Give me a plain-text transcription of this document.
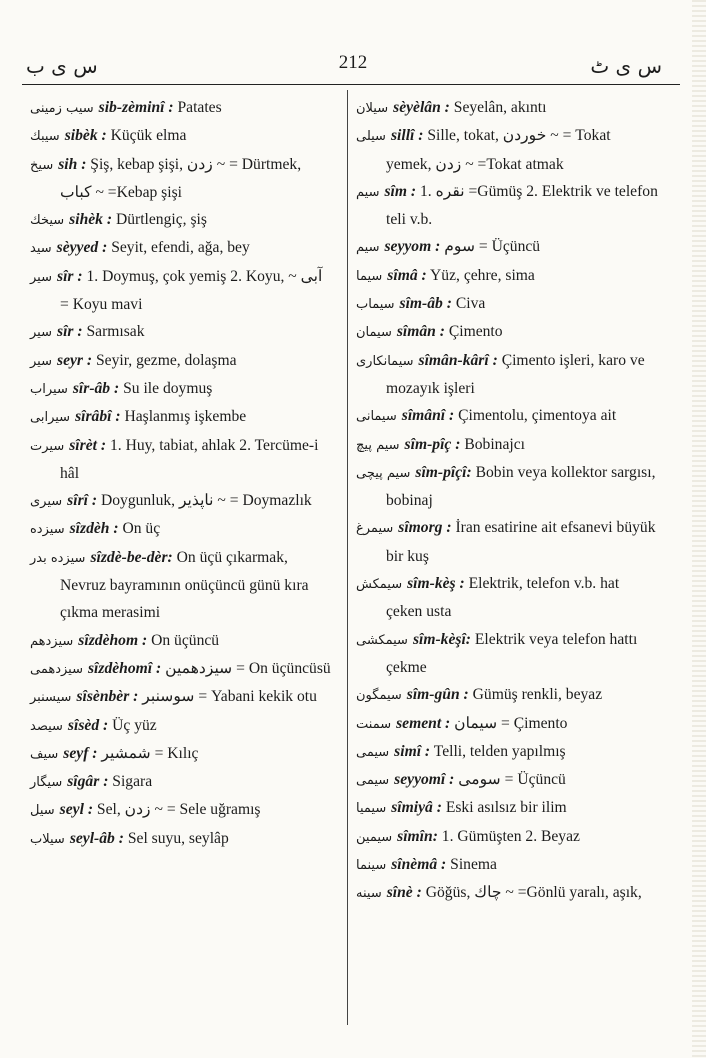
س ی ب	212	س ی ٹ

سیب زمینی sib-zèminî : Patates

سیبك sibèk : Küçük elma

سیخ sih : Şiş, kebap şişi, زدن ~ = Dürtmek, کباب ~ =Kebap şişi

سیخك sihèk : Dürtlengiç, şiş

سید sèyyed : Seyit, efendi, ağa, bey

سیر sîr : 1. Doymuş, çok yemiş 2. Koyu, ~ آبی = Koyu mavi

سیر sîr : Sarmısak

سیر seyr : Seyir, gezme, dolaşma

سیراب sîr-âb : Su ile doymuş

سیرابی sîrâbî : Haşlanmış işkembe

سیرت sîrèt : 1. Huy, tabiat, ahlak 2. Tercüme-i hâl

سیری sîrî : Doygunluk, ناپذیر ~ = Doymazlık

سیزده sîzdèh : On üç

سیزده بدر sîzdè-be-dèr: On üçü çıkarmak, Nevruz bayramının onüçüncü günü kıra çıkma merasimi

سیزدهم sîzdèhom : On üçüncü

سیزدهمی sîzdèhomî : سیزدهمین = On üçüncüsü

سیسنبر sîsènbèr : سوسنبر = Yabani kekik otu

سیصد sîsèd : Üç yüz

سیف seyf : شمشیر = Kılıç

سیگار sîgâr : Sigara

سیل seyl : Sel, زدن ~ = Sele uğramış

سیلاب seyl-âb : Sel suyu, seylâp

سیلان sèyèlân : Seyelân, akıntı

سیلی sillî : Sille, tokat, خوردن ~ = Tokat yemek, زدن ~ =Tokat atmak

سیم sîm : 1. نقره =Gümüş 2. Elektrik ve telefon teli v.b.

سیم seyyom : سوم = Üçüncü

سیما sîmâ : Yüz, çehre, sima

سیماب sîm-âb : Civa

سیمان sîmân : Çimento

سیمانکاری sîmân-kârî : Çimento işleri, karo ve mozayık işleri

سیمانی sîmânî : Çimentolu, çimentoya ait

سیم پیچ sîm-pîç : Bobinajcı

سیم پیچی sîm-pîçî: Bobin veya kollektor sargısı, bobinaj

سیمرغ sîmorg : İran esatirine ait efsanevi büyük bir kuş

سیمکش sîm-kèş : Elektrik, telefon v.b. hat çeken usta

سیمکشی sîm-kèşî: Elektrik veya telefon hattı çekme

سیمگون sîm-gûn : Gümüş renkli, beyaz

سمنت sement : سیمان = Çimento

سیمی simî : Telli, telden yapılmış

سیمی seyyomî : سومی = Üçüncü

سیمیا sîmiyâ : Eski asılsız bir ilim

سیمین sîmîn: 1. Gümüşten 2. Beyaz

سینما sînèmâ : Sinema

سینه sînè : Göğüs, چاك ~ =Gönlü yaralı, aşık,
